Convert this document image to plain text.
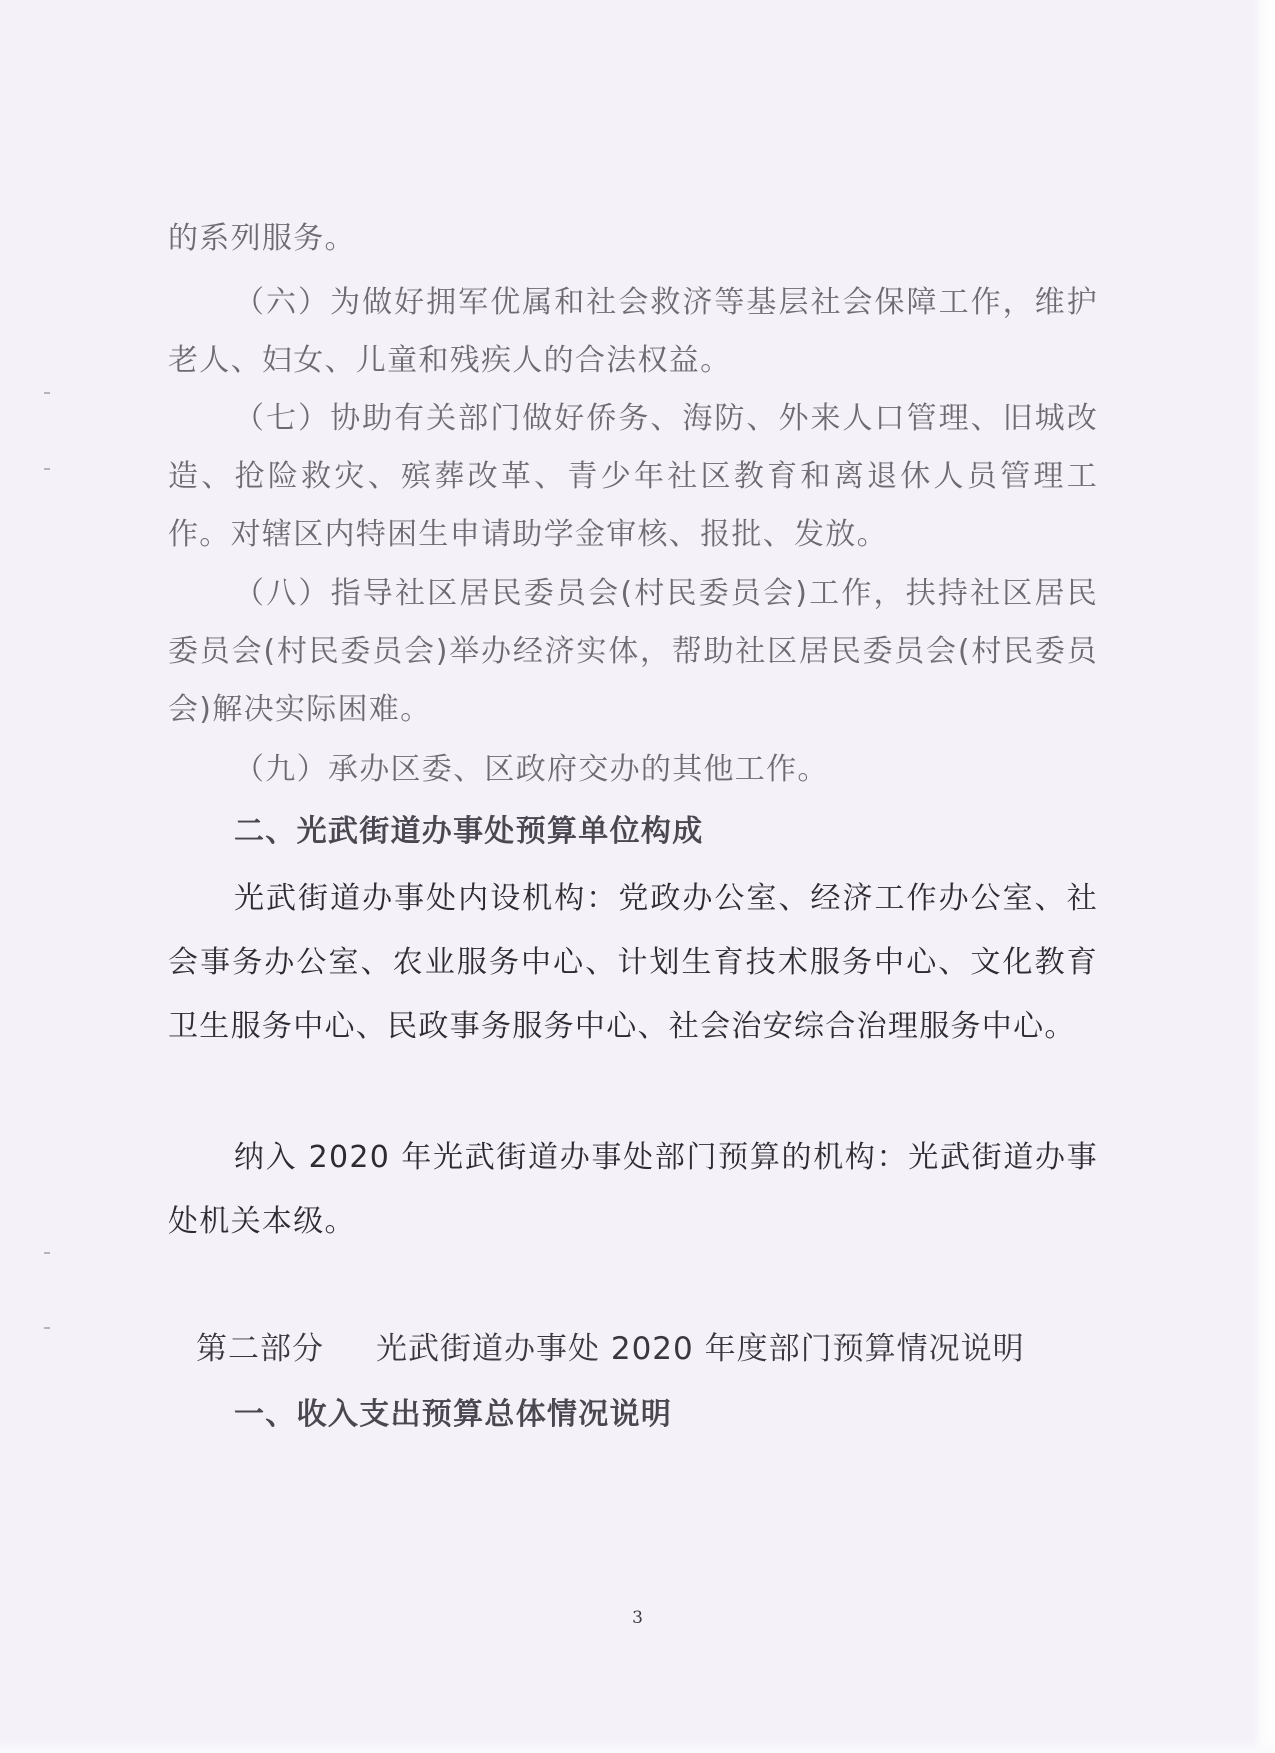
的系列服务。

（六）为做好拥军优属和社会救济等基层社会保障工作，维护老人、妇女、儿童和残疾人的合法权益。

（七）协助有关部门做好侨务、海防、外来人口管理、旧城改造、抢险救灾、殡葬改革、青少年社区教育和离退休人员管理工作。对辖区内特困生申请助学金审核、报批、发放。

（八）指导社区居民委员会(村民委员会)工作，扶持社区居民委员会(村民委员会)举办经济实体，帮助社区居民委员会(村民委员会)解决实际困难。

（九）承办区委、区政府交办的其他工作。

二、光武街道办事处预算单位构成

光武街道办事处内设机构：党政办公室、经济工作办公室、社会事务办公室、农业服务中心、计划生育技术服务中心、文化教育卫生服务中心、民政事务服务中心、社会治安综合治理服务中心。

纳入 2020 年光武街道办事处部门预算的机构：光武街道办事处机关本级。

第二部分 光武街道办事处 2020 年度部门预算情况说明
一、收入支出预算总体情况说明
3
